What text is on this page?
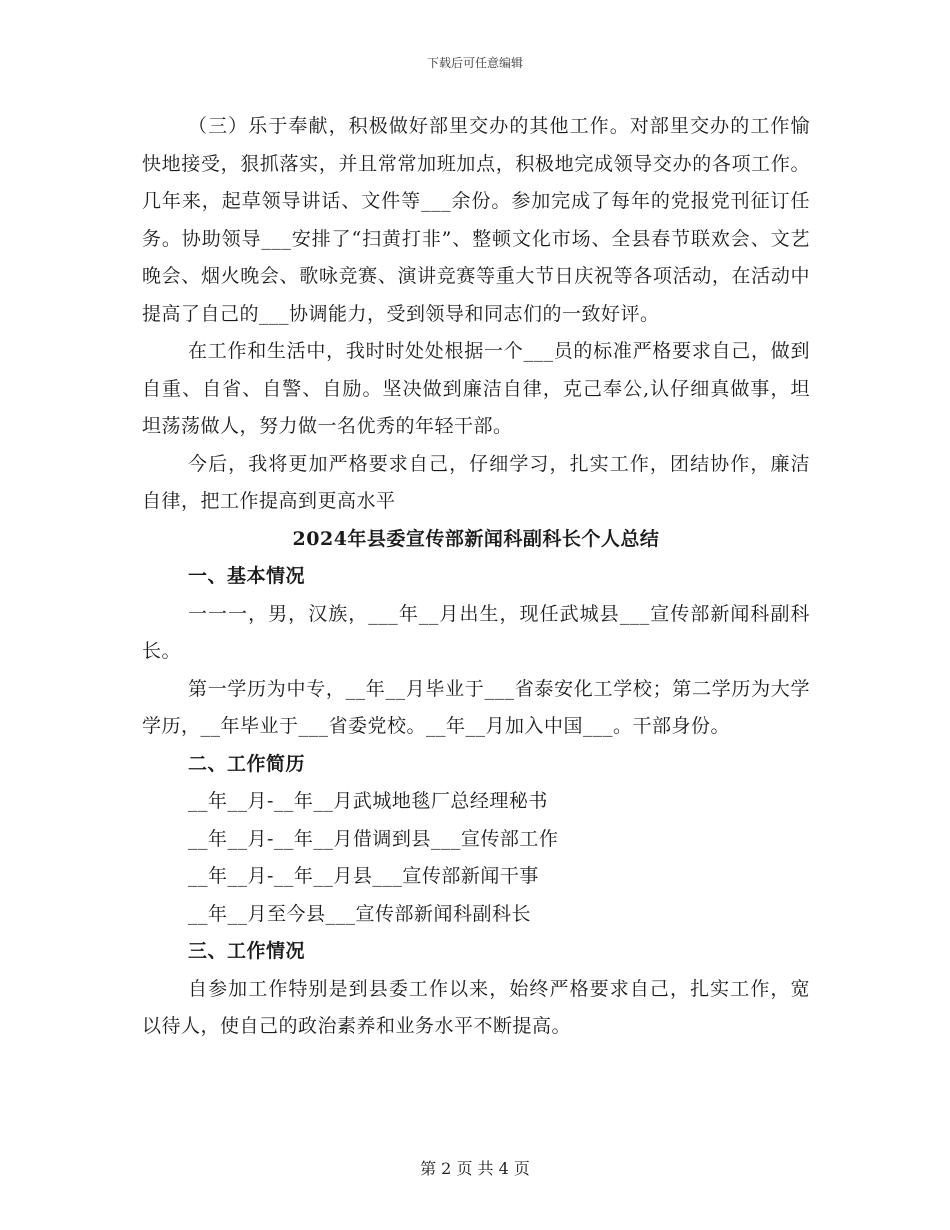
下载后可任意编辑

（三）乐于奉献，积极做好部里交办的其他工作。对部里交办的工作愉快地接受，狠抓落实，并且常常加班加点，积极地完成领导交办的各项工作。几年来，起草领导讲话、文件等___余份。参加完成了每年的党报党刊征订任务。协助领导___安排了“扫黄打非”、整顿文化市场、全县春节联欢会、文艺晚会、烟火晚会、歌咏竞赛、演讲竞赛等重大节日庆祝等各项活动，在活动中提高了自己的___协调能力，受到领导和同志们的一致好评。

在工作和生活中，我时时处处根据一个___员的标准严格要求自己，做到自重、自省、自警、自励。坚决做到廉洁自律，克己奉公,认仔细真做事，坦坦荡荡做人，努力做一名优秀的年轻干部。

今后，我将更加严格要求自己，仔细学习，扎实工作，团结协作，廉洁自律，把工作提高到更高水平

2024年县委宣传部新闻科副科长个人总结

一、基本情况

一一一，男，汉族，___年__月出生，现任武城县___宣传部新闻科副科长。

第一学历为中专，__年__月毕业于___省泰安化工学校；第二学历为大学学历，__年毕业于___省委党校。__年__月加入中国___。干部身份。

二、工作简历

__年__月-__年__月武城地毯厂总经理秘书

__年__月-__年__月借调到县___宣传部工作

__年__月-__年__月县___宣传部新闻干事

__年__月至今县___宣传部新闻科副科长

三、工作情况

自参加工作特别是到县委工作以来，始终严格要求自己，扎实工作，宽以待人，使自己的政治素养和业务水平不断提高。

第 2 页 共 4 页
